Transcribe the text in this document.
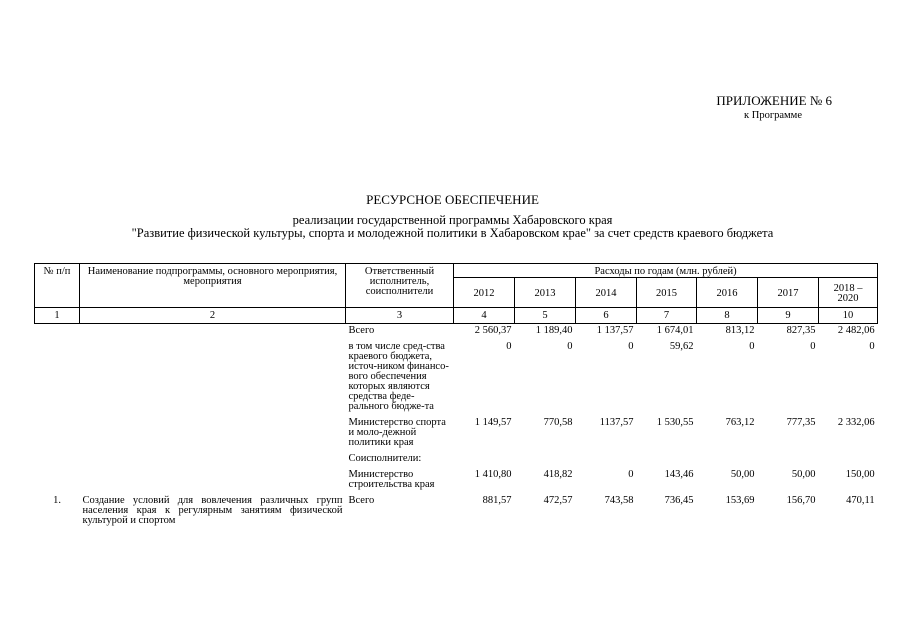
ПРИЛОЖЕНИЕ № 6
к Программе
РЕСУРСНОЕ ОБЕСПЕЧЕНИЕ
реализации государственной программы Хабаровского края
"Развитие физической культуры, спорта и молодежной политики в Хабаровском крае" за счет средств краевого бюджета
№ п/п	Наименование подпрограммы, основного мероприятия, мероприятия	Ответственный исполнитель, соисполнители	Расходы по годам (млн. рублей)						
			2012	2013	2014	2015	2016	2017	2018 – 2020
1	2	3	4	5	6	7	8	9	10
		Всего	2 560,37	1 189,40	1 137,57	1 674,01	813,12	827,35	2 482,06
		в том числе сред-ства краевого бюджета, источ-ником финансо-вого обеспечения которых являются средства феде-рального бюдже-та	0	0	0	59,62	0	0	0
		Министерство спорта и моло-дежной политики края	1 149,57	770,58	1137,57	1 530,55	763,12	777,35	2 332,06
		Соисполнители:							
		Министерство строительства края	1 410,80	418,82	0	143,46	50,00	50,00	150,00
1.	Создание условий для вовлечения различных групп населения края к регулярным занятиям физической культурой и спортом	Всего	881,57	472,57	743,58	736,45	153,69	156,70	470,11
